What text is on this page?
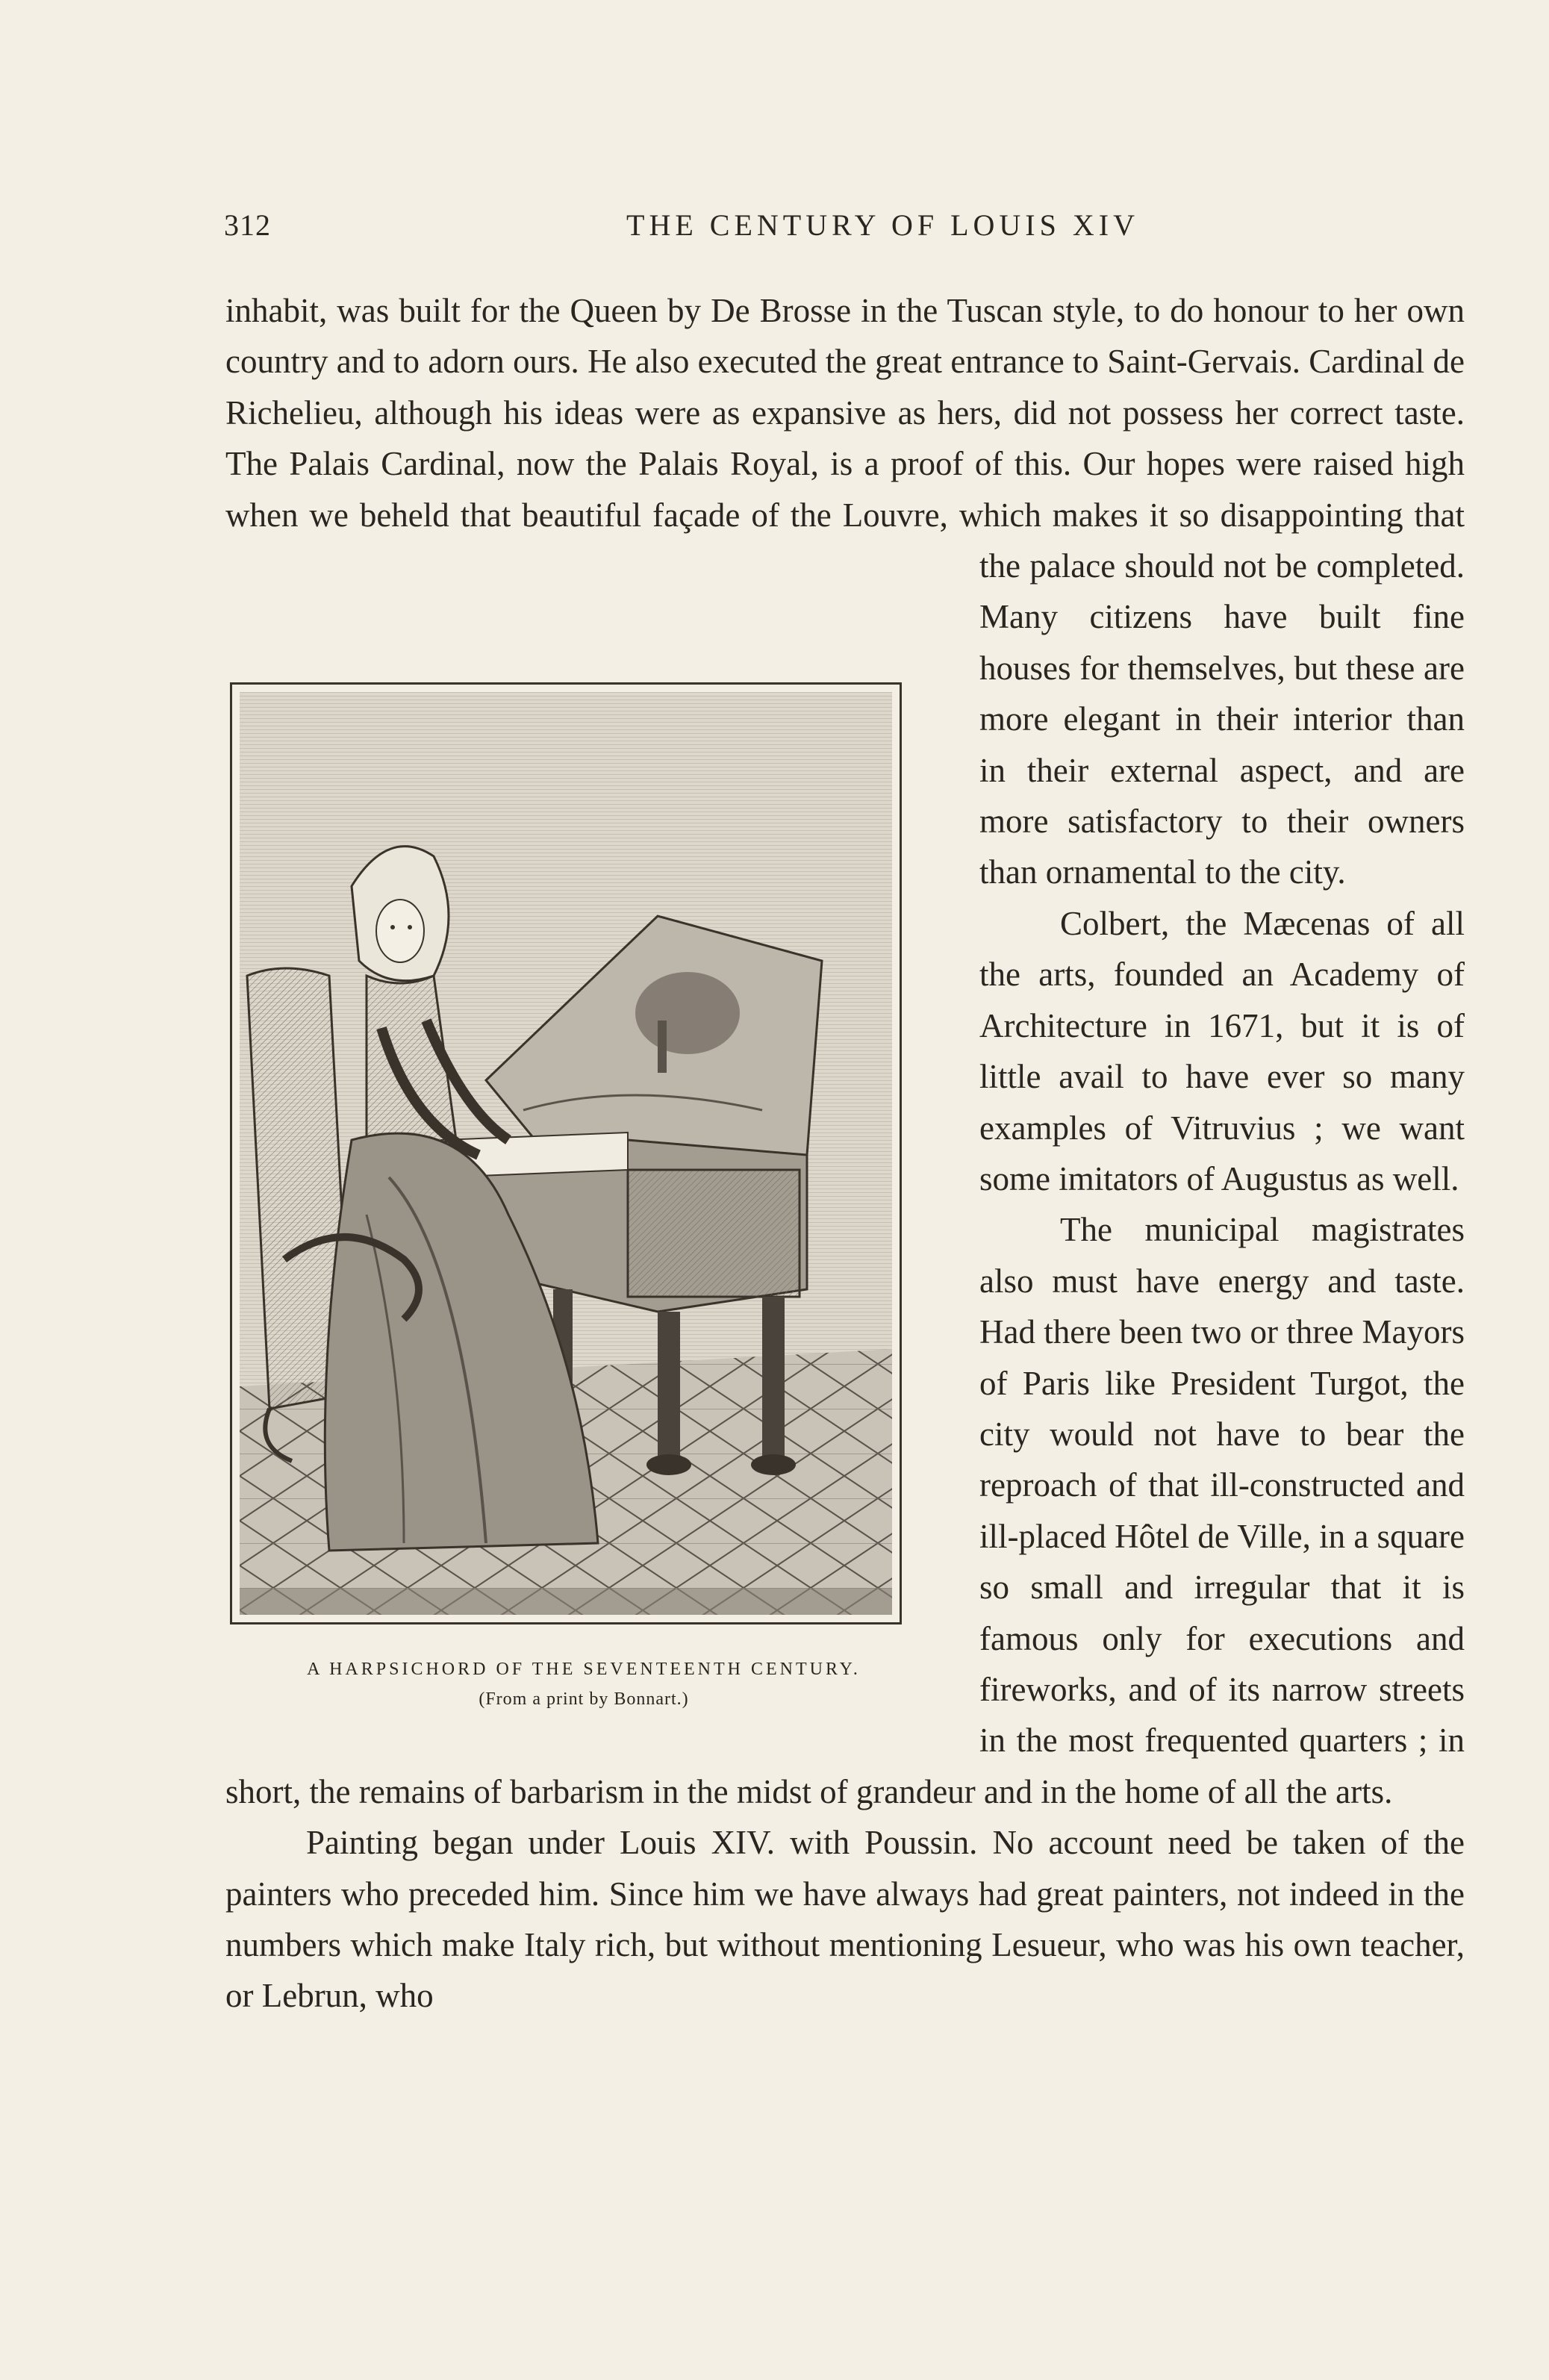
312	THE CENTURY OF LOUIS XIV
A HARPSICHORD OF THE SEVENTEENTH CENTURY.
(From a print by Bonnart.)

inhabit, was built for the Queen by De Brosse in the Tuscan style, to do honour to her own country and to adorn ours. He also executed the great entrance to Saint-Gervais. Cardinal de Richelieu, although his ideas were as expansive as hers, did not possess her correct taste. The Palais Cardinal, now the Palais Royal, is a proof of this. Our hopes were raised high when we beheld that beautiful façade of the Louvre, which makes it so disappointing that the palace should not be completed. Many citizens have built fine houses for themselves, but these are more elegant in their interior than in their external aspect, and are more satisfactory to their owners than ornamental to the city.

Colbert, the Mæcenas of all the arts, founded an Academy of Architecture in 1671, but it is of little avail to have ever so many examples of Vitruvius ; we want some imitators of Augustus as well.

The municipal magistrates also must have energy and taste. Had there been two or three Mayors of Paris like President Turgot, the city would not have to bear the reproach of that ill-constructed and ill-placed Hôtel de Ville, in a square so small and irregular that it is famous only for executions and fireworks, and of its narrow streets in the most frequented quarters ; in short, the remains of barbarism in the midst of grandeur and in the home of all the arts.

Painting began under Louis XIV. with Poussin. No account need be taken of the painters who preceded him. Since him we have always had great painters, not indeed in the numbers which make Italy rich, but without mentioning Lesueur, who was his own teacher, or Lebrun, who
